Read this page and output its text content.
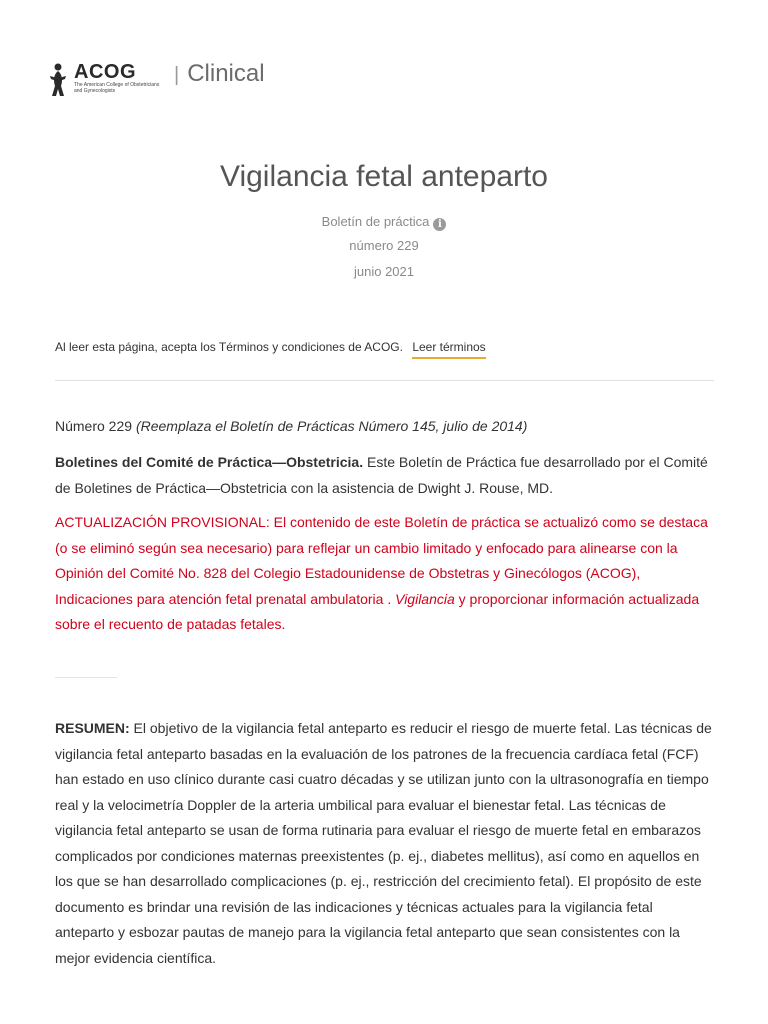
ACOG
The American College of Obstetricians and Gynecologists
| Clinical
Vigilancia fetal anteparto
Boletín de práctica i
número 229
junio 2021
Al leer esta página, acepta los Términos y condiciones de ACOG. Leer términos
Número 229 (Reemplaza el Boletín de Prácticas Número 145, julio de 2014)
Boletines del Comité de Práctica—Obstetricia. Este Boletín de Práctica fue desarrollado por el Comité de Boletines de Práctica—Obstetricia con la asistencia de Dwight J. Rouse, MD.
ACTUALIZACIÓN PROVISIONAL: El contenido de este Boletín de práctica se actualizó como se destaca (o se eliminó según sea necesario) para reflejar un cambio limitado y enfocado para alinearse con la Opinión del Comité No. 828 del Colegio Estadounidense de Obstetras y Ginecólogos (ACOG), Indicaciones para atención fetal prenatal ambulatoria . Vigilancia y proporcionar información actualizada sobre el recuento de patadas fetales.
RESUMEN: El objetivo de la vigilancia fetal anteparto es reducir el riesgo de muerte fetal. Las técnicas de vigilancia fetal anteparto basadas en la evaluación de los patrones de la frecuencia cardíaca fetal (FCF) han estado en uso clínico durante casi cuatro décadas y se utilizan junto con la ultrasonografía en tiempo real y la velocimetría Doppler de la arteria umbilical para evaluar el bienestar fetal. Las técnicas de vigilancia fetal anteparto se usan de forma rutinaria para evaluar el riesgo de muerte fetal en embarazos complicados por condiciones maternas preexistentes (p. ej., diabetes mellitus), así como en aquellos en los que se han desarrollado complicaciones (p. ej., restricción del crecimiento fetal). El propósito de este documento es brindar una revisión de las indicaciones y técnicas actuales para la vigilancia fetal anteparto y esbozar pautas de manejo para la vigilancia fetal anteparto que sean consistentes con la mejor evidencia científica.
